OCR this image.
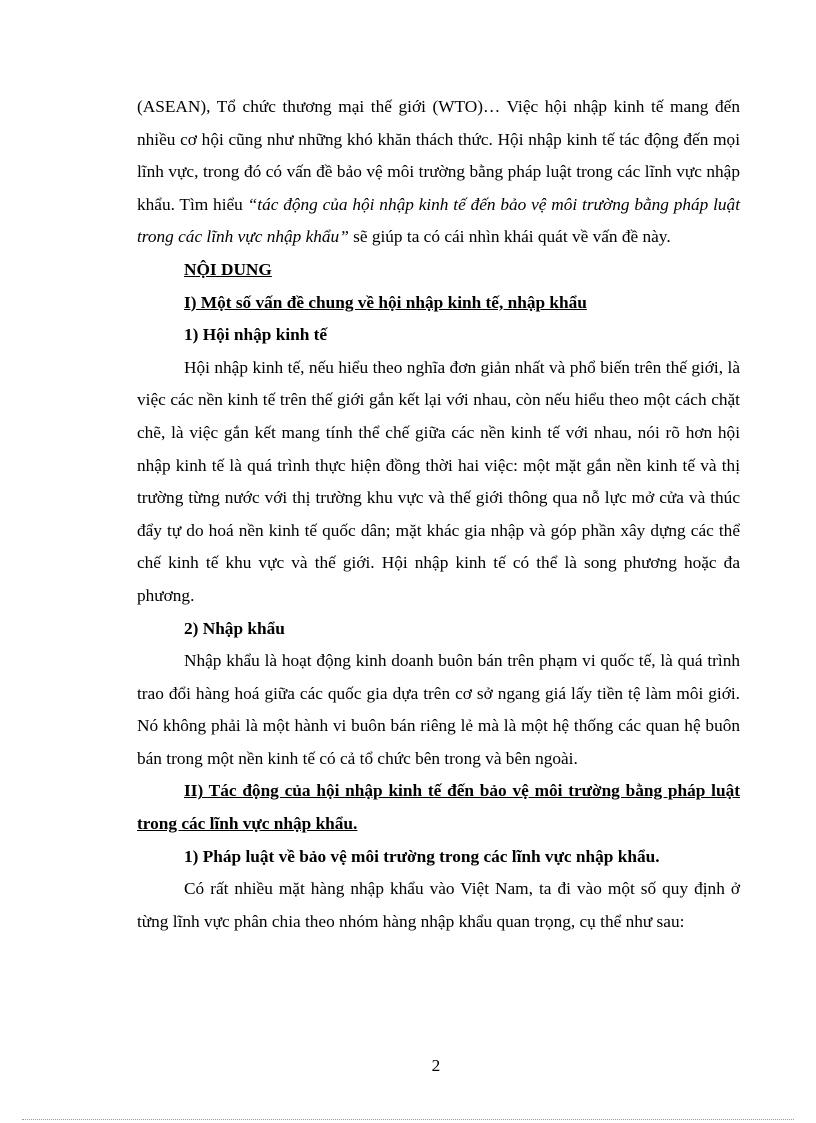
(ASEAN), Tổ chức thương mại thế giới (WTO)… Việc hội nhập kinh tế mang đến nhiều cơ hội cũng như những khó khăn thách thức. Hội nhập kinh tế tác động đến mọi lĩnh vực, trong đó có vấn đề bảo vệ môi trường bằng pháp luật trong các lĩnh vực nhập khẩu. Tìm hiểu “tác động của hội nhập kinh tế đến bảo vệ môi trường bằng pháp luật trong các lĩnh vực nhập khẩu” sẽ giúp ta có cái nhìn khái quát về vấn đề này.

NỘI DUNG

I) Một số vấn đề chung về hội nhập kinh tế, nhập khẩu

1) Hội nhập kinh tế

Hội nhập kinh tế, nếu hiểu theo nghĩa đơn giản nhất và phổ biến trên thế giới, là việc các nền kinh tế trên thế giới gắn kết lại với nhau, còn nếu hiểu theo một cách chặt chẽ, là việc gắn kết mang tính thể chế giữa các nền kinh tế với nhau, nói rõ hơn hội nhập kinh tế là quá trình thực hiện đồng thời hai việc: một mặt gắn nền kinh tế và thị trường từng nước với thị trường khu vực và thế giới thông qua nỗ lực mở cửa và thúc đẩy tự do hoá nền kinh tế quốc dân; mặt khác gia nhập và góp phần xây dựng các thể chế kinh tế khu vực và thế giới. Hội nhập kinh tế có thể là song phương hoặc đa phương.

2) Nhập khẩu

Nhập khẩu là hoạt động kinh doanh buôn bán trên phạm vi quốc tế, là quá trình trao đổi hàng hoá giữa các quốc gia dựa trên cơ sở ngang giá lấy tiền tệ làm môi giới. Nó không phải là một hành vi buôn bán riêng lẻ mà là một hệ thống các quan hệ buôn bán trong một nền kinh tế có cả tổ chức bên trong và bên ngoài.

II) Tác động của hội nhập kinh tế đến bảo vệ môi trường bằng pháp luật trong các lĩnh vực nhập khẩu.

1) Pháp luật về bảo vệ môi trường trong các lĩnh vực nhập khẩu.

Có rất nhiều mặt hàng nhập khẩu vào Việt Nam, ta đi vào một số quy định ở từng lĩnh vực phân chia theo nhóm hàng nhập khẩu quan trọng, cụ thể như sau:

2
